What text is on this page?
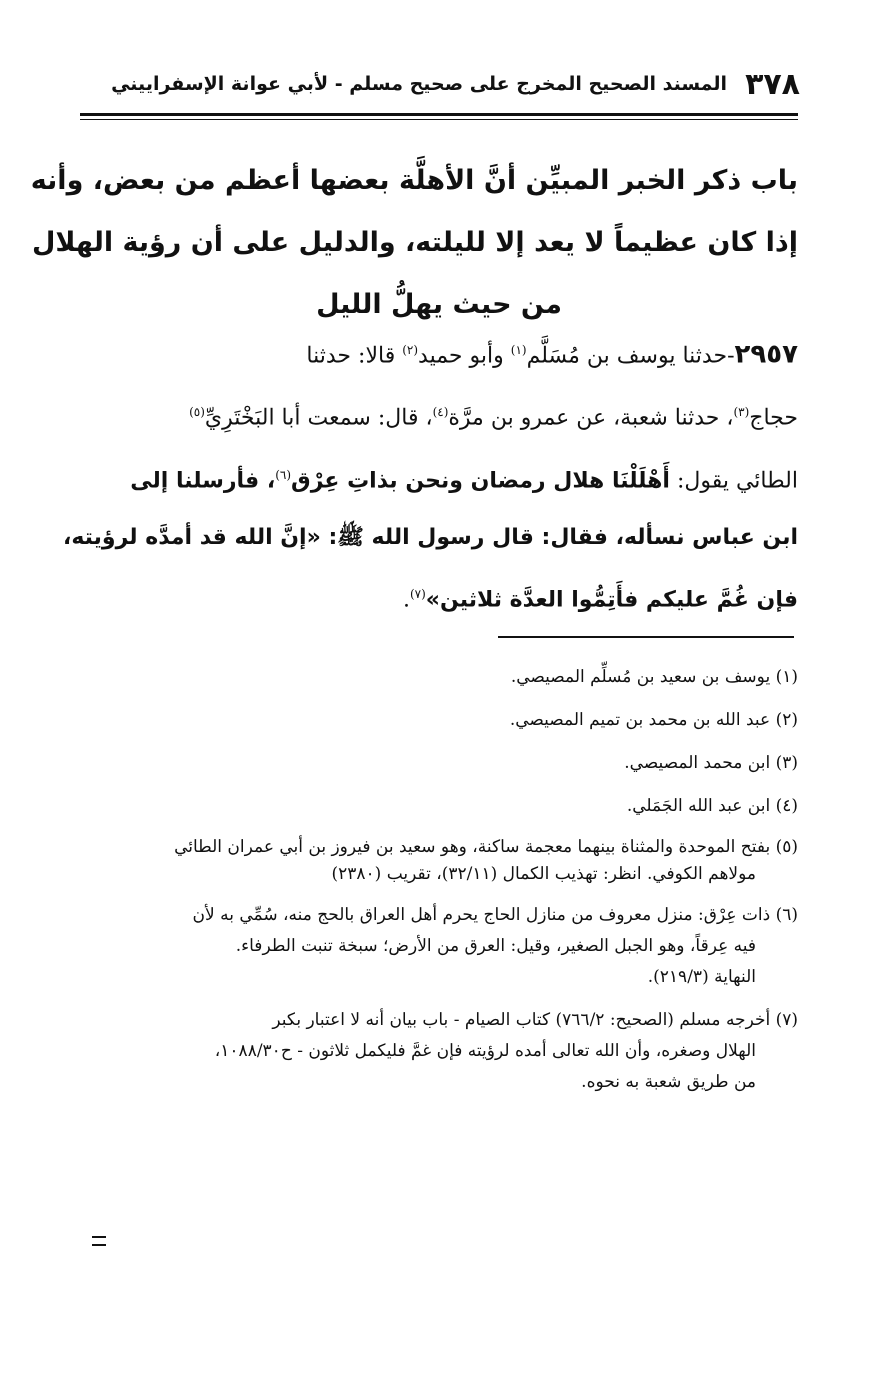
٣٧٨
المسند الصحيح المخرج على صحيح مسلم - لأبي عوانة الإسفراييني
باب ذكر الخبر المبيِّن أنَّ الأهلَّة بعضها أعظم من بعض، وأنه
إذا كان عظيماً لا يعد إلا لليلته، والدليل على أن رؤية الهلال
من حيث يهلُّ الليل
٢٩٥٧-حدثنا يوسف بن مُسَلَّم$^{(١)}$ وأبو حميد$^{(٢)}$ قالا: حدثنا
حجاج$^{(٣)}$، حدثنا شعبة، عن عمرو بن مرَّة$^{(٤)}$، قال: سمعت أبا البَخْتَرِيِّ$^{(٥)}$
الطائي يقول: أَهْلَلْنَا هلال رمضان ونحن بذاتِ عِرْق$^{(٦)}$، فأرسلنا إلى
ابن عباس نسأله، فقال: قال رسول الله ﷺ: «إنَّ الله قد أمدَّه لرؤيته،
فإن غُمَّ عليكم فأَتِمُّوا العدَّة ثلاثين»$^{(٧)}$.
(١) يوسف بن سعيد بن مُسلِّم المصيصي.
(٢) عبد الله بن محمد بن تميم المصيصي.
(٣) ابن محمد المصيصي.
(٤) ابن عبد الله الجَمَلي.
(٥) بفتح الموحدة والمثناة بينهما معجمة ساكنة، وهو سعيد بن فيروز بن أبي عمران الطائي
مولاهم الكوفي. انظر: تهذيب الكمال (٣٢/١١)، تقريب (٢٣٨٠)
(٦) ذات عِرْق: منزل معروف من منازل الحاج يحرم أهل العراق بالحج منه، سُمِّي به لأن
فيه عِرقاً، وهو الجبل الصغير، وقيل: العرق من الأرض؛ سبخة تنبت الطرفاء.
النهاية (٢١٩/٣).
(٧) أخرجه مسلم (الصحيح: ٧٦٦/٢) كتاب الصيام - باب بيان أنه لا اعتبار بكبر
الهلال وصغره، وأن الله تعالى أمده لرؤيته فإن غمَّ فليكمل ثلاثون - ح١٠٨٨/٣٠،
من طريق شعبة به نحوه.
